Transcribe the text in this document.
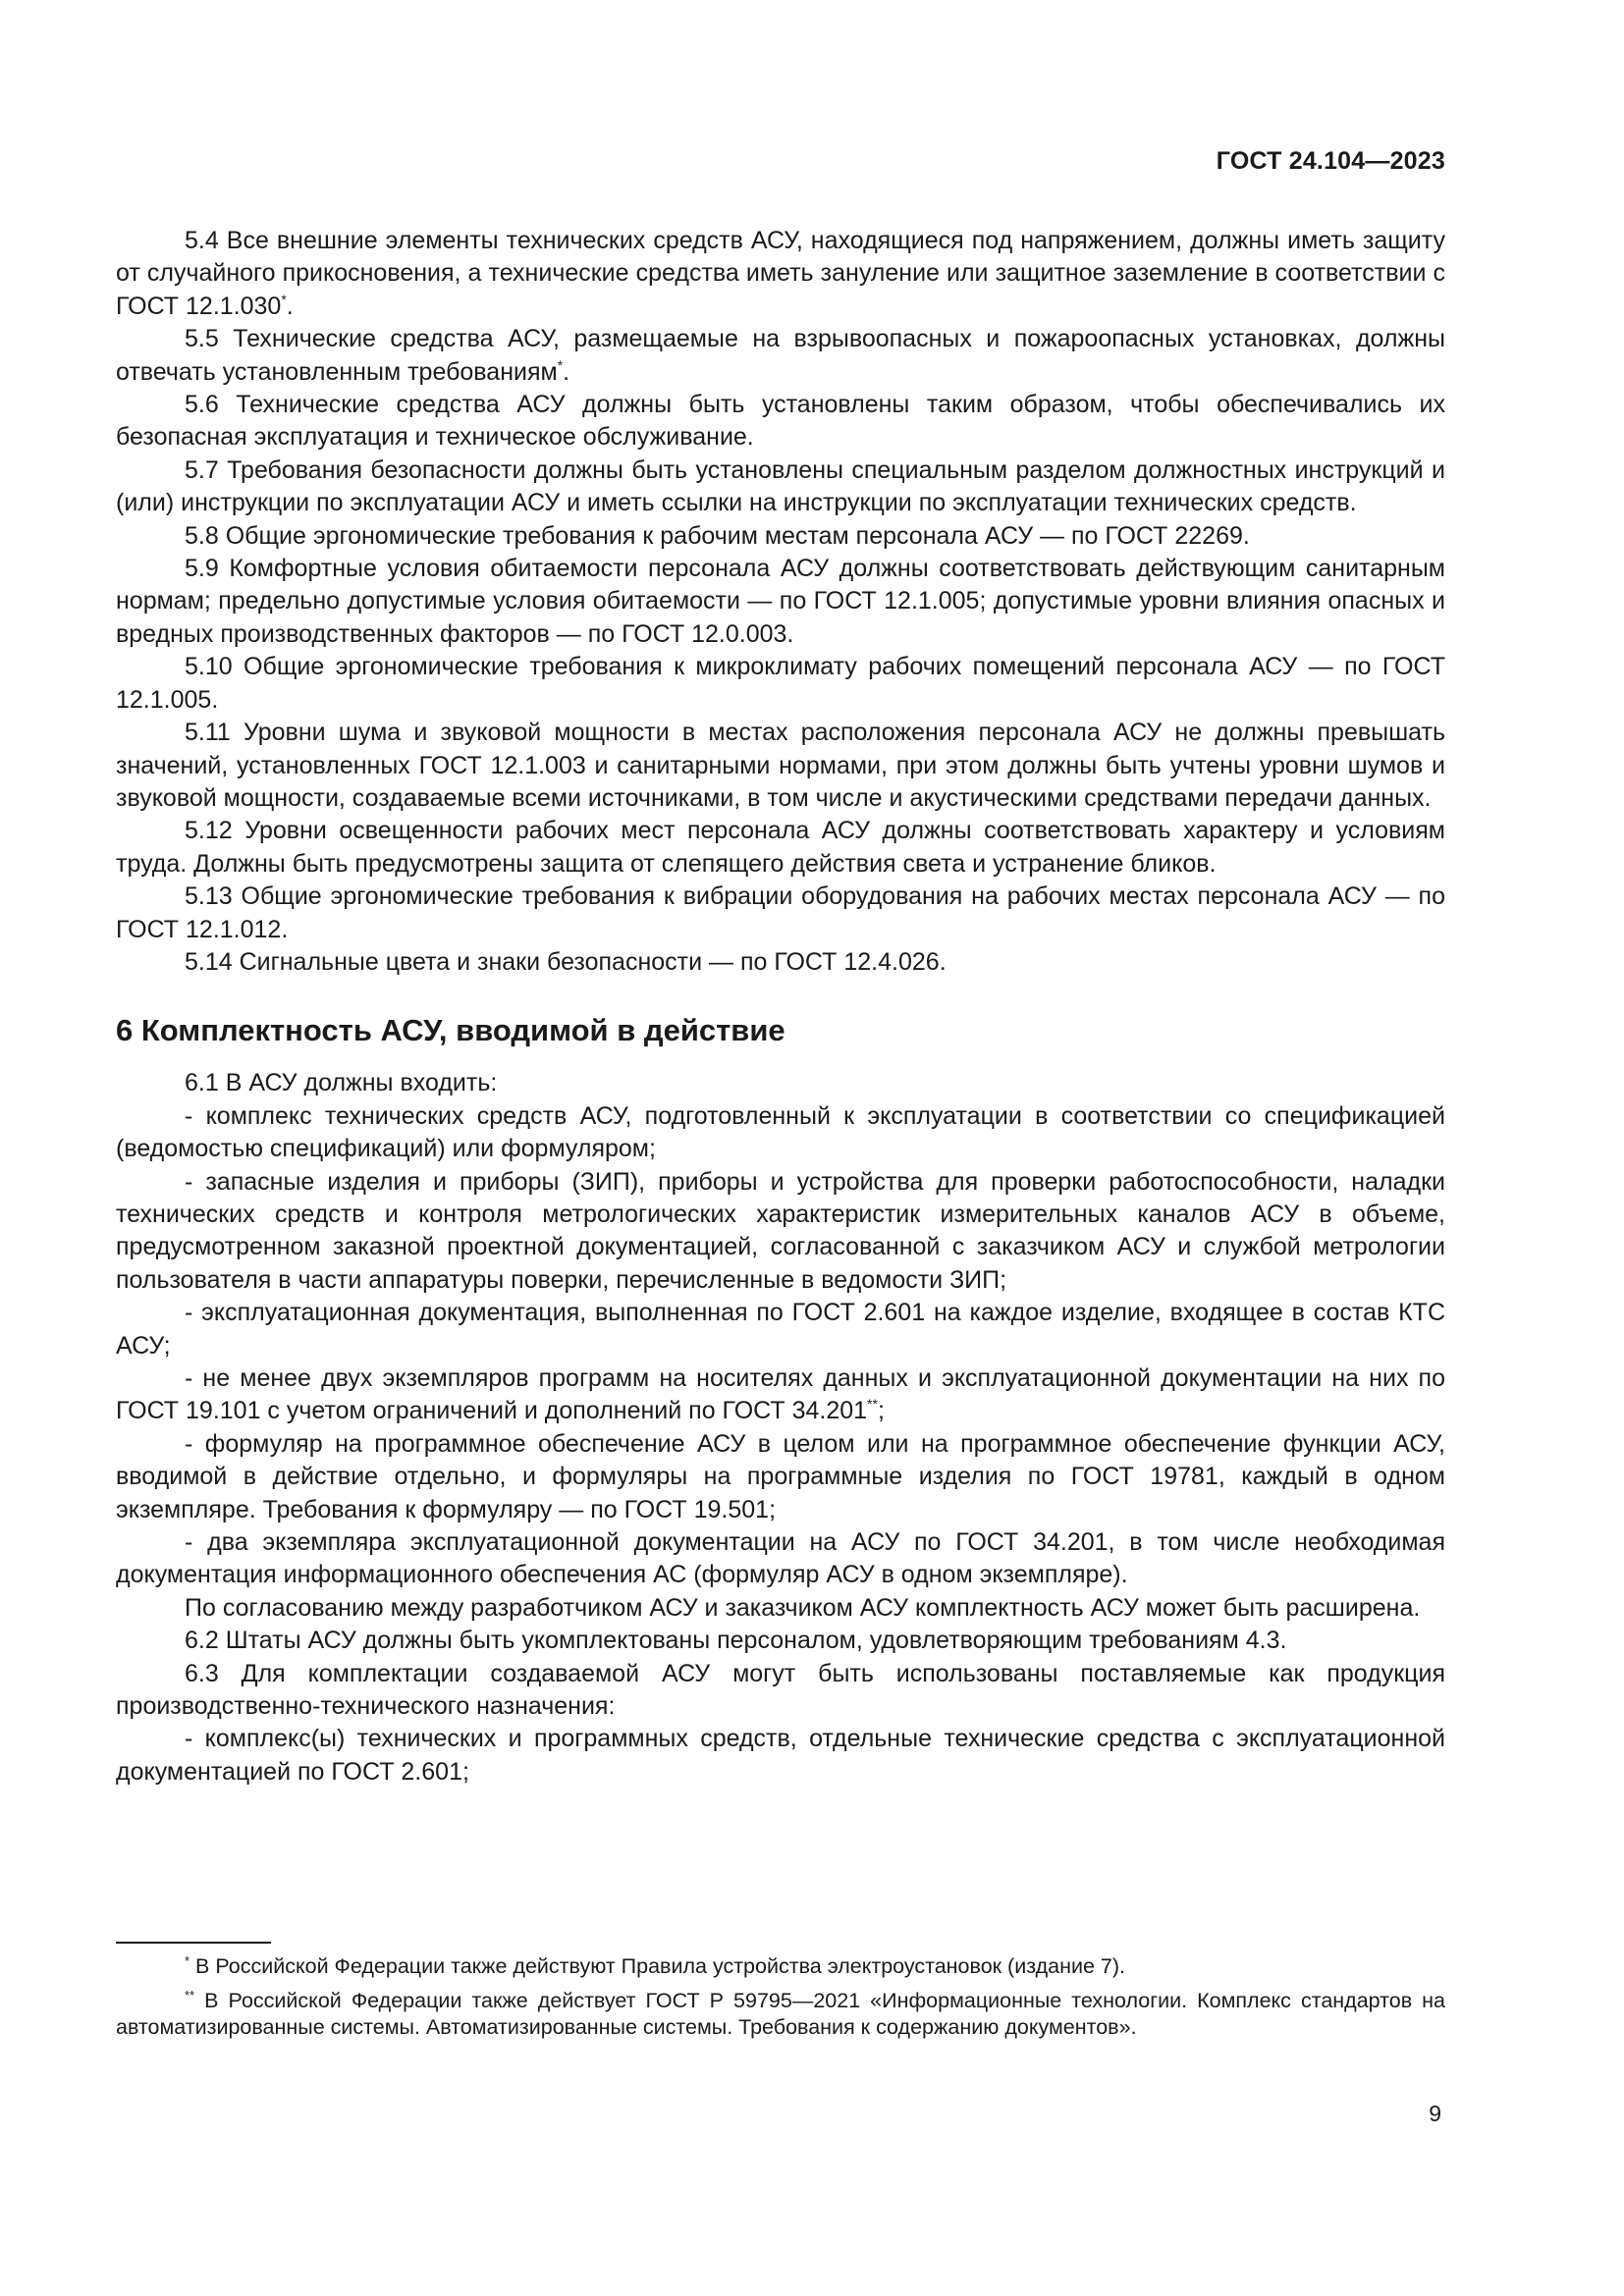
ГОСТ 24.104—2023

5.4 Все внешние элементы технических средств АСУ, находящиеся под напряжением, должны иметь защиту от случайного прикосновения, а технические средства иметь зануление или защитное заземление в соответствии с ГОСТ 12.1.030*.

5.5 Технические средства АСУ, размещаемые на взрывоопасных и пожароопасных установках, должны отвечать установленным требованиям*.

5.6 Технические средства АСУ должны быть установлены таким образом, чтобы обеспечивались их безопасная эксплуатация и техническое обслуживание.

5.7 Требования безопасности должны быть установлены специальным разделом должностных инструкций и (или) инструкции по эксплуатации АСУ и иметь ссылки на инструкции по эксплуатации технических средств.

5.8 Общие эргономические требования к рабочим местам персонала АСУ — по ГОСТ 22269.

5.9 Комфортные условия обитаемости персонала АСУ должны соответствовать действующим санитарным нормам; предельно допустимые условия обитаемости — по ГОСТ 12.1.005; допустимые уровни влияния опасных и вредных производственных факторов — по ГОСТ 12.0.003.

5.10 Общие эргономические требования к микроклимату рабочих помещений персонала АСУ — по ГОСТ 12.1.005.

5.11 Уровни шума и звуковой мощности в местах расположения персонала АСУ не должны превышать значений, установленных ГОСТ 12.1.003 и санитарными нормами, при этом должны быть учтены уровни шумов и звуковой мощности, создаваемые всеми источниками, в том числе и акустическими средствами передачи данных.

5.12 Уровни освещенности рабочих мест персонала АСУ должны соответствовать характеру и условиям труда. Должны быть предусмотрены защита от слепящего действия света и устранение бликов.

5.13 Общие эргономические требования к вибрации оборудования на рабочих местах персонала АСУ — по ГОСТ 12.1.012.

5.14 Сигнальные цвета и знаки безопасности — по ГОСТ 12.4.026.

6 Комплектность АСУ, вводимой в действие

6.1 В АСУ должны входить:

- комплекс технических средств АСУ, подготовленный к эксплуатации в соответствии со спецификацией (ведомостью спецификаций) или формуляром;

- запасные изделия и приборы (ЗИП), приборы и устройства для проверки работоспособности, наладки технических средств и контроля метрологических характеристик измерительных каналов АСУ в объеме, предусмотренном заказной проектной документацией, согласованной с заказчиком АСУ и службой метрологии пользователя в части аппаратуры поверки, перечисленные в ведомости ЗИП;

- эксплуатационная документация, выполненная по ГОСТ 2.601 на каждое изделие, входящее в состав КТС АСУ;

- не менее двух экземпляров программ на носителях данных и эксплуатационной документации на них по ГОСТ 19.101 с учетом ограничений и дополнений по ГОСТ 34.201**;

- формуляр на программное обеспечение АСУ в целом или на программное обеспечение функции АСУ, вводимой в действие отдельно, и формуляры на программные изделия по ГОСТ 19781, каждый в одном экземпляре. Требования к формуляру — по ГОСТ 19.501;

- два экземпляра эксплуатационной документации на АСУ по ГОСТ 34.201, в том числе необходимая документация информационного обеспечения АС (формуляр АСУ в одном экземпляре).

По согласованию между разработчиком АСУ и заказчиком АСУ комплектность АСУ может быть расширена.

6.2 Штаты АСУ должны быть укомплектованы персоналом, удовлетворяющим требованиям 4.3.

6.3 Для комплектации создаваемой АСУ могут быть использованы поставляемые как продукция производственно-технического назначения:

- комплекс(ы) технических и программных средств, отдельные технические средства с эксплуатационной документацией по ГОСТ 2.601;

* В Российской Федерации также действуют Правила устройства электроустановок (издание 7).

** В Российской Федерации также действует ГОСТ Р 59795—2021 «Информационные технологии. Комплекс стандартов на автоматизированные системы. Автоматизированные системы. Требования к содержанию документов».

9
